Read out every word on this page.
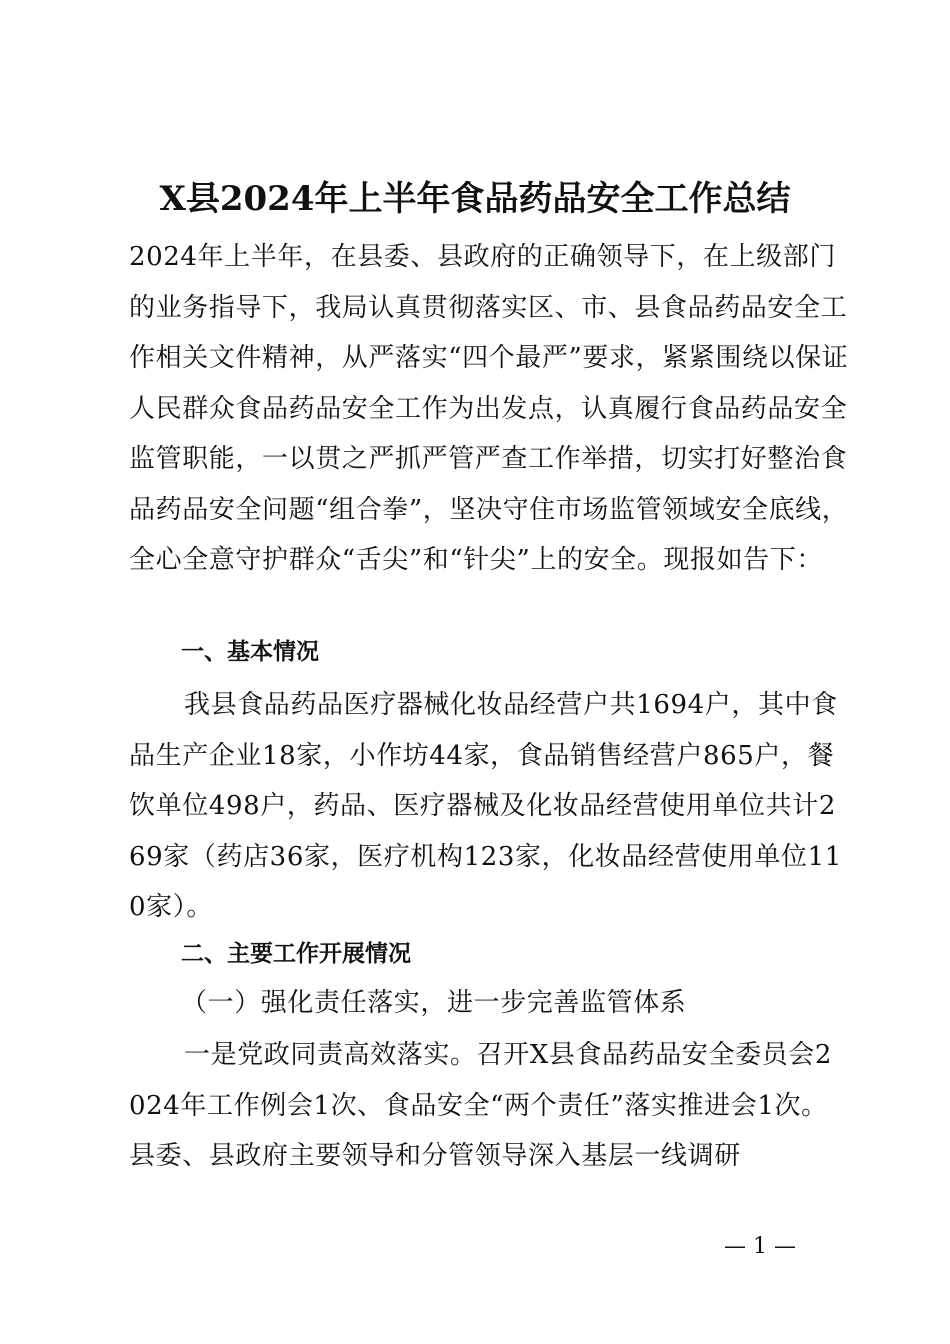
X县2024年上半年食品药品安全工作总结
2024年上半年，在县委、县政府的正确领导下，在上级部门的业务指导下，我局认真贯彻落实区、市、县食品药品安全工作相关文件精神，从严落实“四个最严”要求，紧紧围绕以保证人民群众食品药品安全工作为出发点，认真履行食品药品安全监管职能，一以贯之严抓严管严查工作举措，切实打好整治食品药品安全问题“组合拳”，坚决守住市场监管领域安全底线，全心全意守护群众“舌尖”和“针尖”上的安全。现报如告下：
一、基本情况
我县食品药品医疗器械化妆品经营户共1694户，其中食品生产企业18家，小作坊44家，食品销售经营户865户，餐饮单位498户，药品、医疗器械及化妆品经营使用单位共计269家（药店36家，医疗机构123家，化妆品经营使用单位110家）。
二、主要工作开展情况
（一）强化责任落实，进一步完善监管体系
一是党政同责高效落实。召开X县食品药品安全委员会2024年工作例会1次、食品安全“两个责任”落实推进会1次。县委、县政府主要领导和分管领导深入基层一线调研
— 1 —
